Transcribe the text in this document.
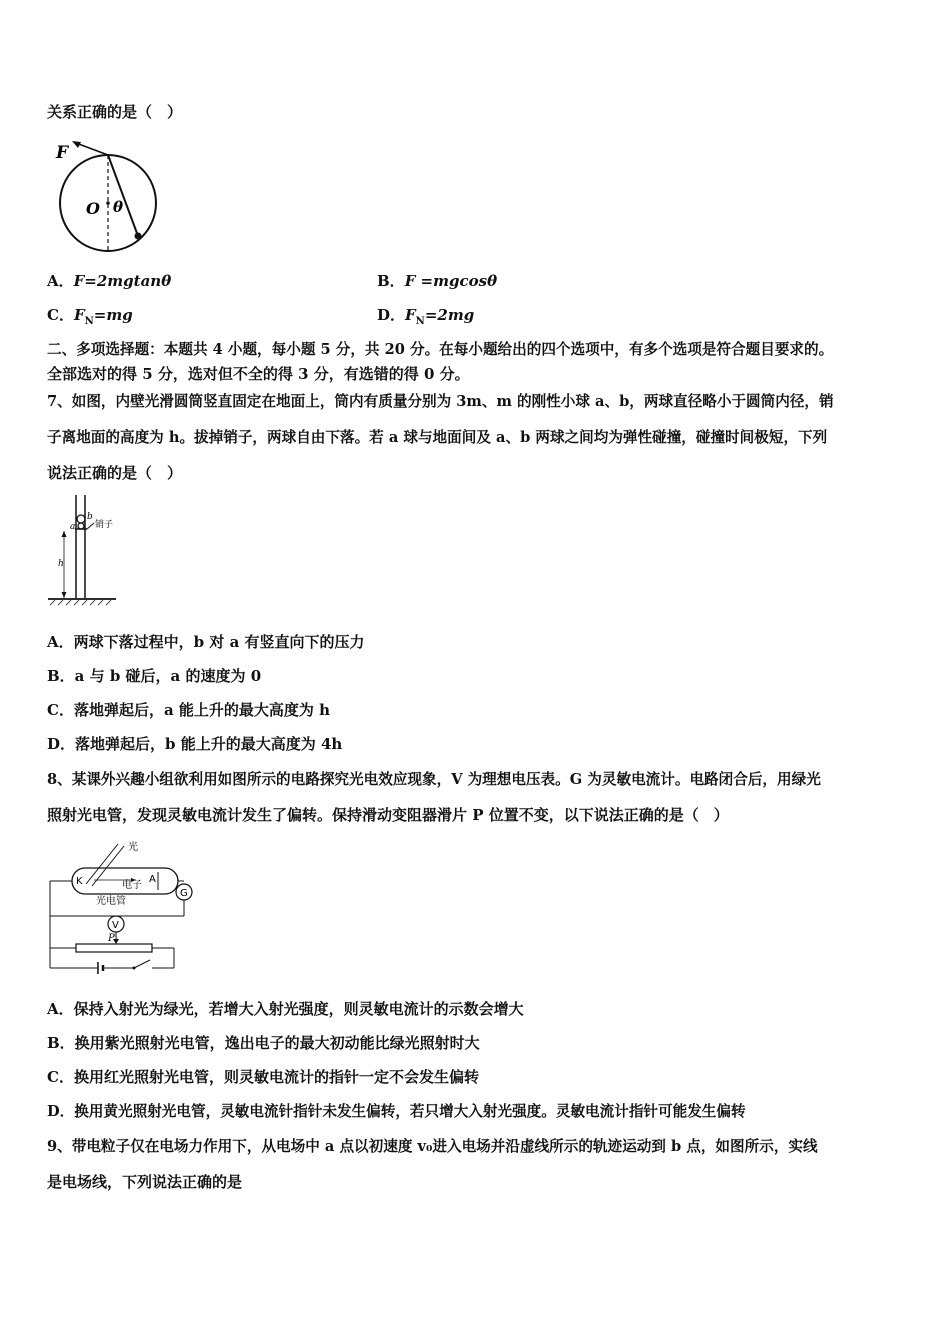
关系正确的是（　）
F
O θ
A．F=2mgtanθ	B．F =mgcosθ
C．$F_N=mg$	D．$F_N=2mg$
二、多项选择题：本题共 4 小题，每小题 5 分，共 20 分。在每小题给出的四个选项中，有多个选项是符合题目要求的。
全部选对的得 5 分，选对但不全的得 3 分，有选错的得 0 分。
7、如图，内壁光滑圆筒竖直固定在地面上，筒内有质量分别为 3m、m 的刚性小球 a、b，两球直径略小于圆筒内径，销
子离地面的高度为 h。拔掉销子，两球自由下落。若 a 球与地面间及 a、b 两球之间均为弹性碰撞，碰撞时间极短，下列
说法正确的是（　）
a
b
销子
h
A．两球下落过程中，b 对 a 有竖直向下的压力
B．a 与 b 碰后，a 的速度为 0
C．落地弹起后，a 能上升的最大高度为 h
D．落地弹起后，b 能上升的最大高度为 4h
8、某课外兴趣小组欲利用如图所示的电路探究光电效应现象，V 为理想电压表。G 为灵敏电流计。电路闭合后，用绿光
照射光电管，发现灵敏电流计发生了偏转。保持滑动变阻器滑片 P 位置不变，以下说法正确的是（　）
光
K	电子
A
G
光电管
V
P
A．保持入射光为绿光，若增大入射光强度，则灵敏电流计的示数会增大
B．换用紫光照射光电管，逸出电子的最大初动能比绿光照射时大
C．换用红光照射光电管，则灵敏电流计的指针一定不会发生偏转
D．换用黄光照射光电管，灵敏电流针指针未发生偏转，若只增大入射光强度。灵敏电流计指针可能发生偏转
9、带电粒子仅在电场力作用下，从电场中 a 点以初速度 v₀进入电场并沿虚线所示的轨迹运动到 b 点，如图所示，实线
是电场线，下列说法正确的是
